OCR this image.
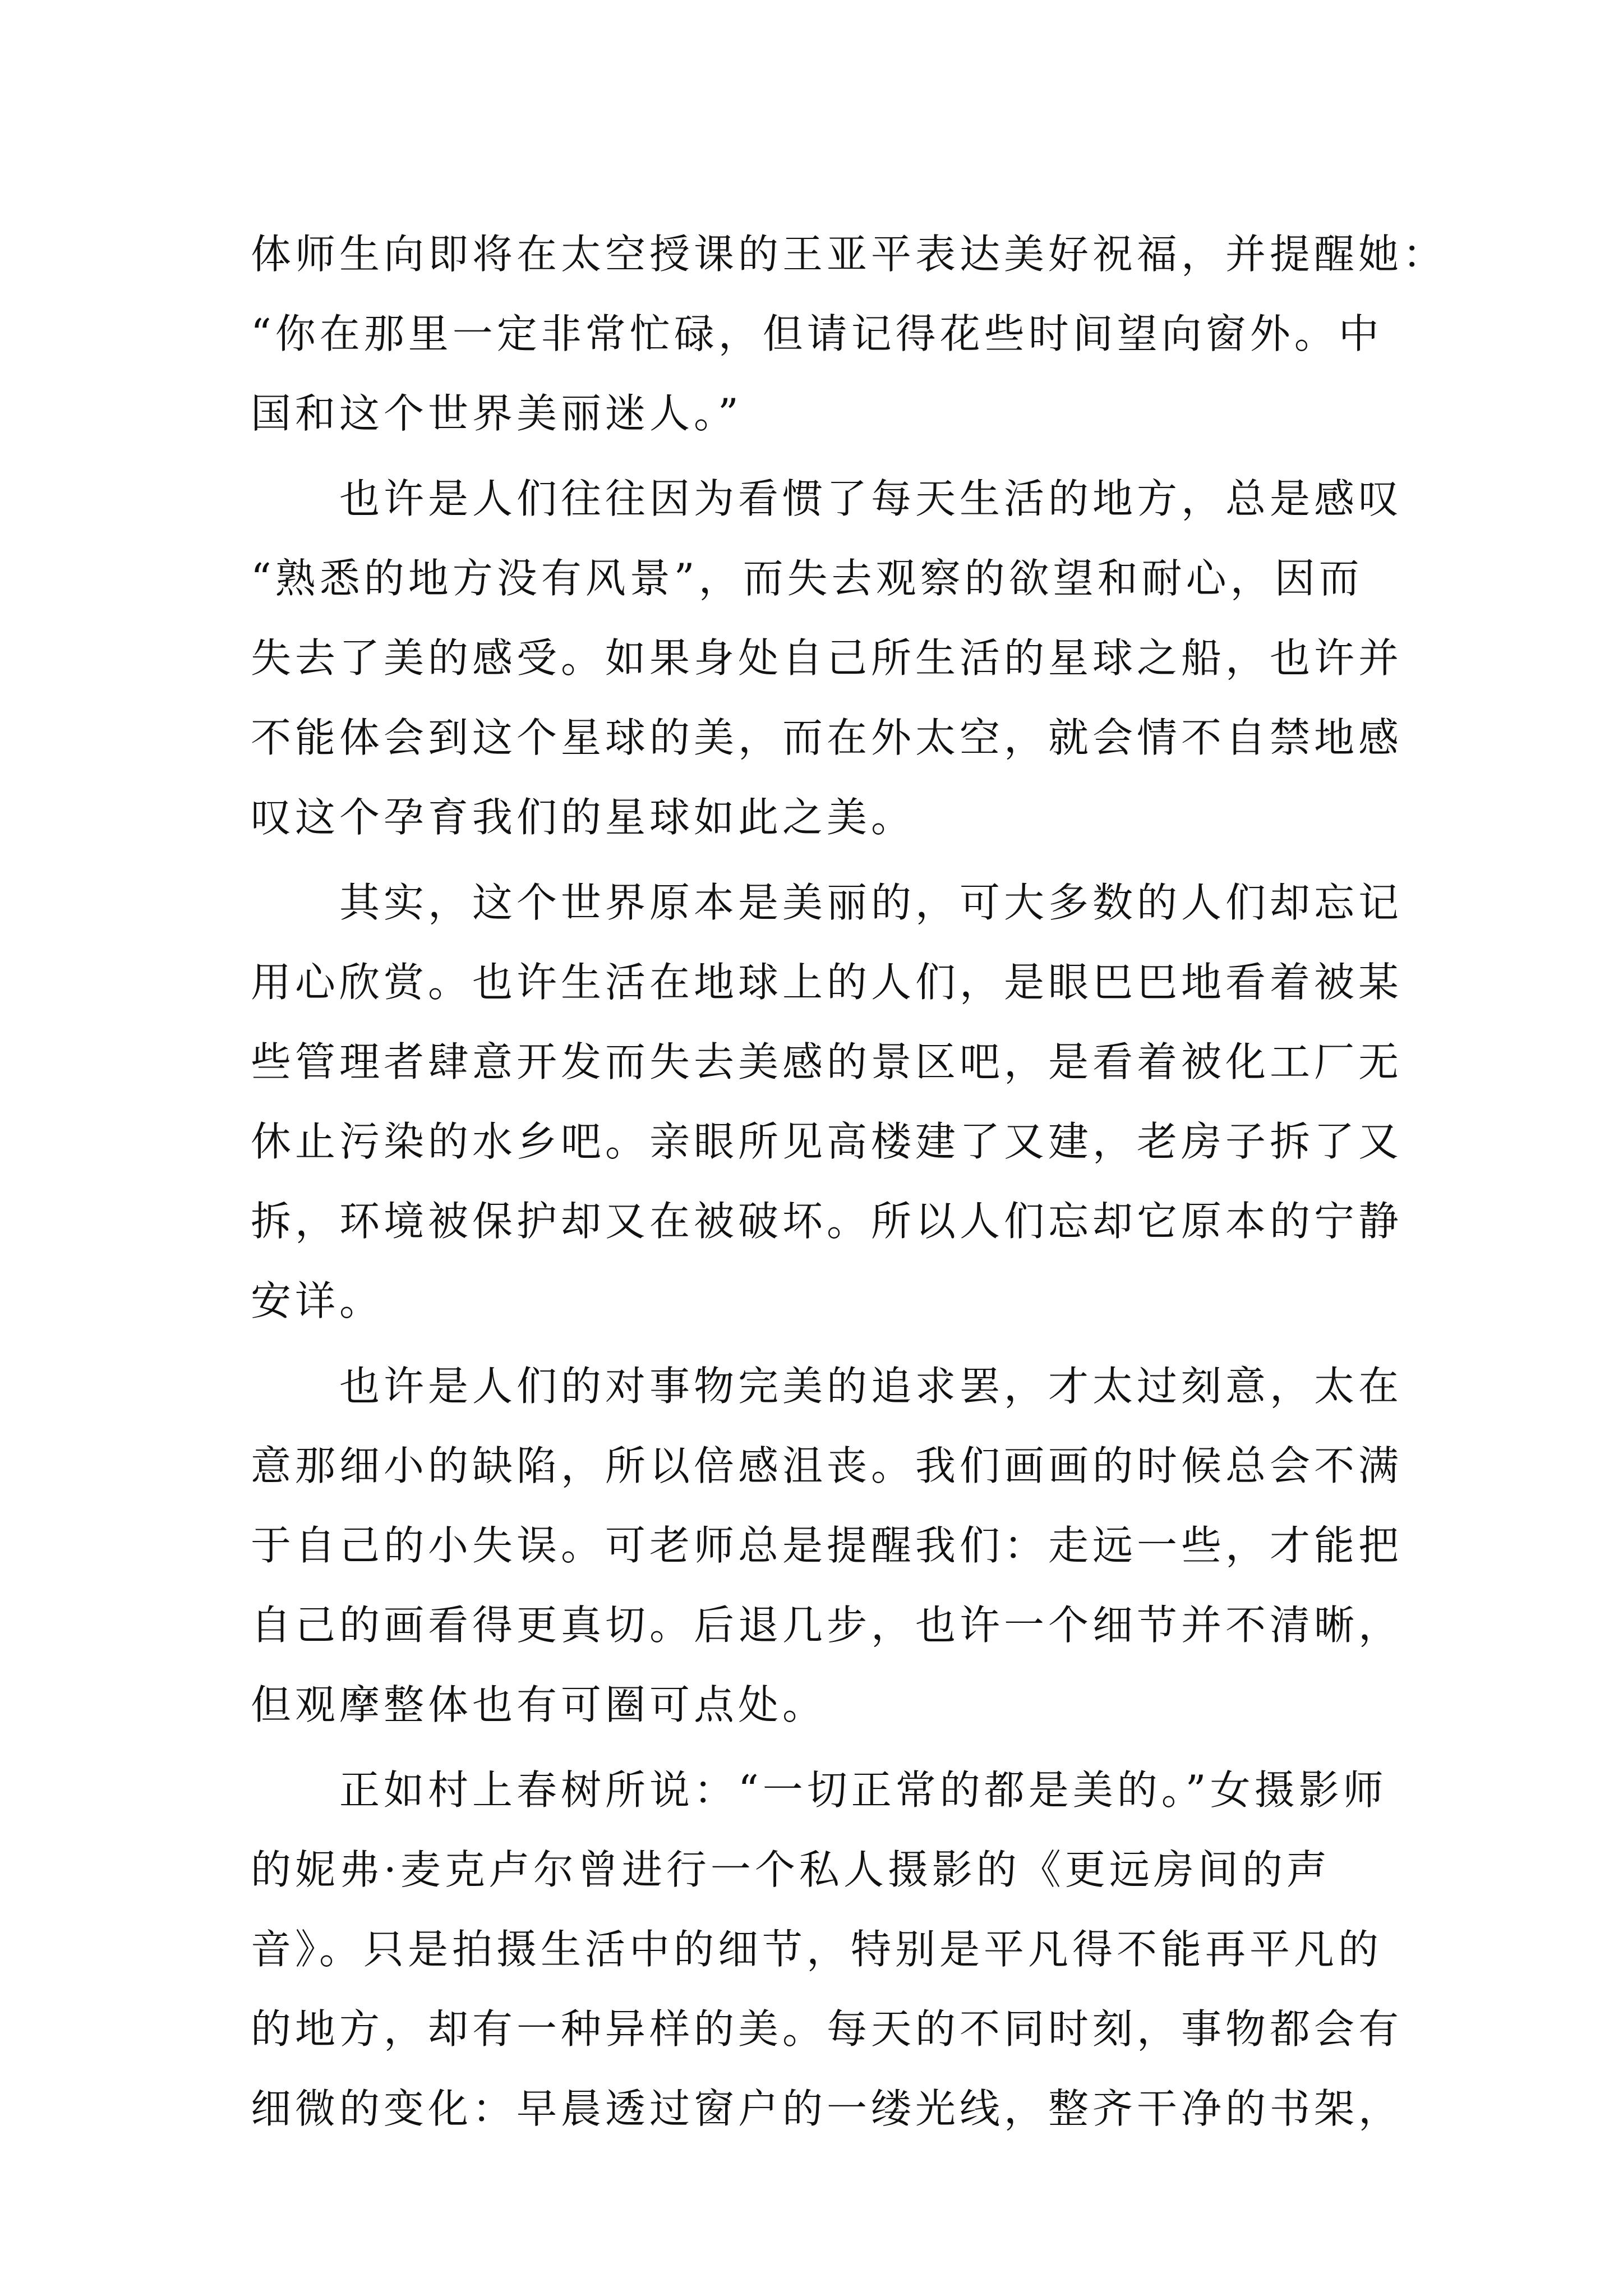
体师生向即将在太空授课的王亚平表达美好祝福，并提醒她：
“你在那里一定非常忙碌，但请记得花些时间望向窗外。中
国和这个世界美丽迷人。”
也许是人们往往因为看惯了每天生活的地方，总是感叹
“熟悉的地方没有风景”，而失去观察的欲望和耐心，因而
失去了美的感受。如果身处自己所生活的星球之船，也许并
不能体会到这个星球的美，而在外太空，就会情不自禁地感
叹这个孕育我们的星球如此之美。
其实，这个世界原本是美丽的，可大多数的人们却忘记
用心欣赏。也许生活在地球上的人们，是眼巴巴地看着被某
些管理者肆意开发而失去美感的景区吧，是看着被化工厂无
休止污染的水乡吧。亲眼所见高楼建了又建，老房子拆了又
拆，环境被保护却又在被破坏。所以人们忘却它原本的宁静
安详。
也许是人们的对事物完美的追求罢，才太过刻意，太在
意那细小的缺陷，所以倍感沮丧。我们画画的时候总会不满
于自己的小失误。可老师总是提醒我们：走远一些，才能把
自己的画看得更真切。后退几步，也许一个细节并不清晰，
但观摩整体也有可圈可点处。
正如村上春树所说：“一切正常的都是美的。”女摄影师
的妮弗·麦克卢尔曾进行一个私人摄影的《更远房间的声
音》。只是拍摄生活中的细节，特别是平凡得不能再平凡的
的地方，却有一种异样的美。每天的不同时刻，事物都会有
细微的变化：早晨透过窗户的一缕光线，整齐干净的书架，
